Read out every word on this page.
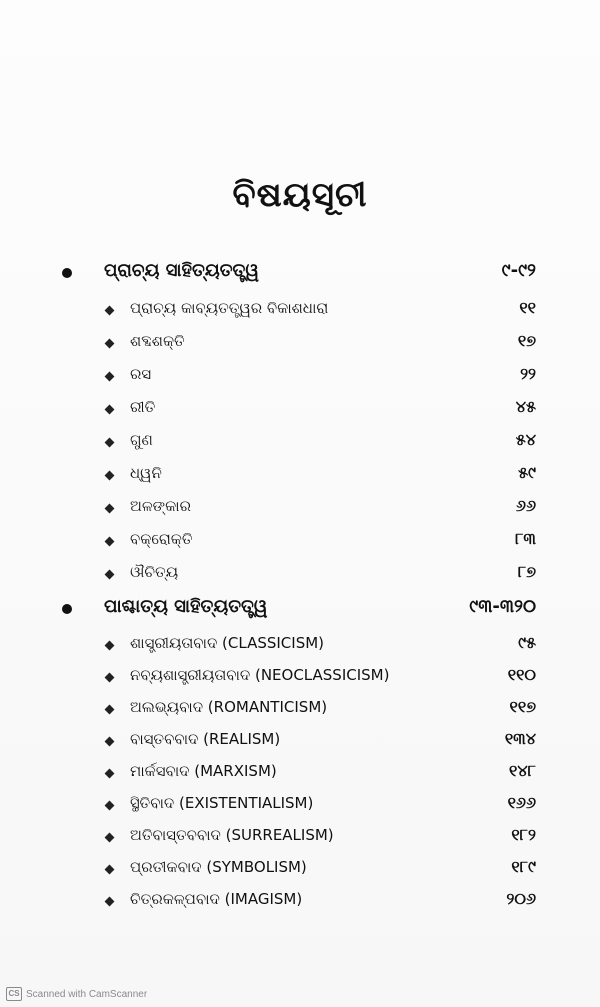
ବିଷୟସୂଚୀ
ପ୍ରାଚ୍ୟ ସାହିତ୍ୟତତ୍ତ୍ୱ	୯-୯୨
ପ୍ରାଚ୍ୟ କାବ୍ୟତତ୍ତ୍ୱର ବିକାଶଧାରା	୧୧
ଶବ୍ଦଶକ୍ତି	୧୭
ରସ	୨୨
ରୀତି	୪୫
ଗୁଣ	୫୪
ଧ୍ୱନି	୫୯
ଅଳଙ୍କାର	୬୬
ବକ୍ରୋକ୍ତି	୮୩
ଔଚିତ୍ୟ	୮୭
ପାଶ୍ଚାତ୍ୟ ସାହିତ୍ୟତତ୍ତ୍ୱ	୯୩-୩୨୦
ଶାସ୍ତ୍ରୀୟତାବାଦ (CLASSICISM)	୯୫
ନବ୍ୟଶାସ୍ତ୍ରୀୟତାବାଦ (NEOCLASSICISM)	୧୧୦
ଅଲଭ୍ୟବାଦ (ROMANTICISM)	୧୧୭
ବାସ୍ତବବାଦ (REALISM)	୧୩୪
ମାର୍କସବାଦ (MARXISM)	୧୪୮
ସ୍ଥିତିବାଦ (EXISTENTIALISM)	୧୬୬
ଅତିବାସ୍ତବବାଦ (SURREALISM)	୧୮୨
ପ୍ରତୀକବାଦ (SYMBOLISM)	୧୮୯
ଚିତ୍ରକଳ୍ପବାଦ (IMAGISM)	୨୦୬
CS Scanned with CamScanner
